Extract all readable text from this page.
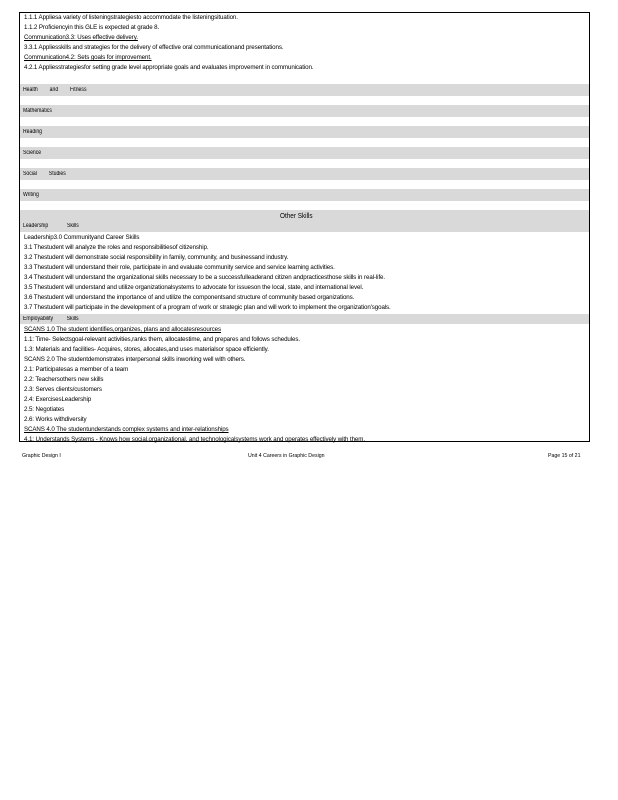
1.1.1 Appliesa variety of listeningstrategiesto accommodate the listeningsituation.
1.1.2 Proficiencyin this GLE is expected at grade 8.
Communication3.3: Uses effective delivery.
3.3.1 Appliesskills and strategies for the delivery of effective oral communicationand presentations.
Communication4.2: Sets goals for improvement.
4.2.1 Appliesstrategiesfor setting grade level appropriate goals and evaluates improvement in communication.
Health and Fitness
Mathematics
Reading
Science
Social Studies
Writing
Other Skills
Leadership	Skills
Leadership3.0 Communityand Career Skills
3.1 Thestudent will analyze the roles and responsibilitiesof citizenship.
3.2 Thestudent will demonstrate social responsibility in family, community, and businessand industry.
3.3 Thestudent will understand their role, participate in and evaluate community service and service learning activities.
3.4 Thestudent will understand the organizational skills necessary to be a successfulleaderand citizen andpracticesthose skills in real-life.
3.5 Thestudent will understand and utilize organizationalsystems to advocate for issueson the local, state, and international level.
3.6 Thestudent will understand the importance of and utilize the componentsand structure of community based organizations.
3.7 Thestudent will participate in the development of a program of work or strategic plan and will work to implement the organization'sgoals.
Employability Skills
SCANS 1.0 The student identifies,organizes, plans and allocatesresources
1.1: Time- Selectsgoal-relevant activities,ranks them, allocatestime, and prepares and follows schedules.
1.3: Materials and facilities- Acquires, stores, allocates,and uses materialsor space efficiently.
SCANS 2.0 The studentdemonstrates interpersonal skills inworking well with others.
2.1: Participatesas a member of a team
2.2: Teachersothers new skills
2.3: Serves clients/customers
2.4: ExercisesLeadership
2.5: Negotiates
2.6: Works withdiversity
SCANS 4.0 The studentunderstands complex systems and inter-relationships
4.1: Understands Systems - Knows how social,organizational, and technologicalsystems work and operates effectively with them.
Graphic Design I	Unit 4 Careers in Graphic Design	Page 15 of 21
